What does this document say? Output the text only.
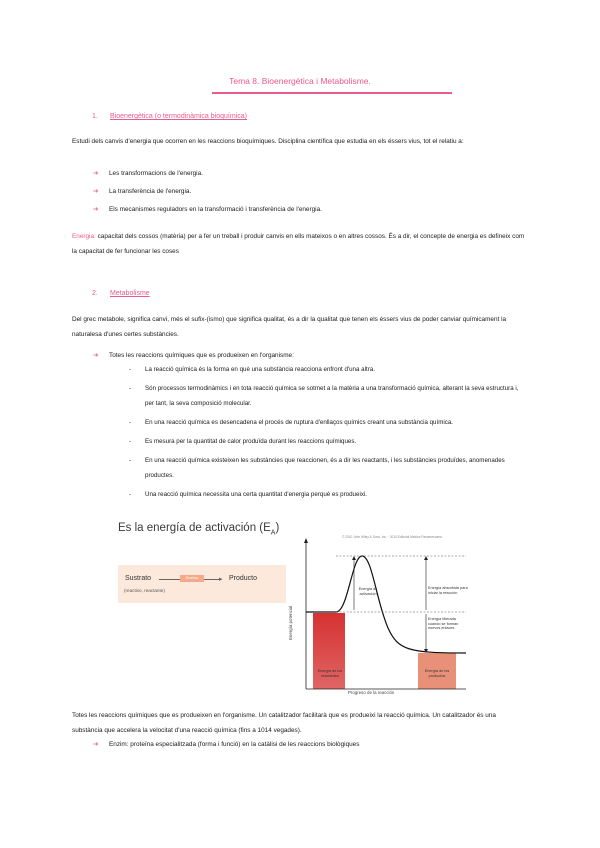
Tema 8. Bioenergètica i Metabolisme.
1. Bioenergètica (o termodinàmica bioquímica)
Estudi dels canvis d'energia que ocorren en les reaccions bioquímiques. Disciplina científica que estudia en els éssers vius, tot el relatiu a:
➔ Les transformacions de l'energia.
➔ La transferència de l'energia.
➔ Els mecanismes reguladors en la transformació i transferència de l'energia.
Energia: capacitat dels cossos (matèria) per a fer un treball i produir canvis en ells mateixos o en altres cossos. És a dir, el concepte de energia es defineix com la capacitat de fer funcionar les coses
2. Metabolisme
Del grec metabole, significa canvi, més el sufix-(ismo) que significa qualitat, és a dir la qualitat que tenen els éssers vius de poder canviar químicament la naturalesa d'unes certes substàncies.
➔ Totes les reaccions químiques que es produeixen en l'organisme:
- La reacció química és la forma en què una substància reacciona enfront d'una altra.
- Són processos termodinàmics i en tota reacció química se sotmet a la matèria a una transformació química, alterant la seva estructura i, per tant, la seva composició molecular.
- En una reacció química es desencadena el procés de ruptura d'enllaços químics creant una substància química.
- Es mesura per la quantitat de calor produïda durant les reaccions químiques.
- En una reacció química existeixen les substàncies que reaccionen, és a dir les reactants, i les substàncies produïdes, anomenades productes.
- Una reacció química necessita una certa quantitat d'energia perquè es produeixi.
Es la energía de activación $(E_A)$
Sustrato
(reactivo, reactante)
▸
Enzima	Producto
© 2010 John Wiley & Sons, Inc. · 2010 Editorial Medica Panamericana
Energía potencial
Progreso de la reacción
Energía de activación
Energía absorbida para iniciar la reacción
Energía liberada cuando se forman nuevos enlaces
Energía de los reactantes
Energía de los productos
Totes les reaccions químiques que es produeixen en l'organisme. Un catalitzador facilitarà que es produeixi la reacció química. Un catalitzador és una substància que accelera la velocitat d'una reacció química (fins a 1014 vegades).
➔ Enzim: proteïna especialitzada (forma i funció) en la catàlisi de les reaccions biològiques
